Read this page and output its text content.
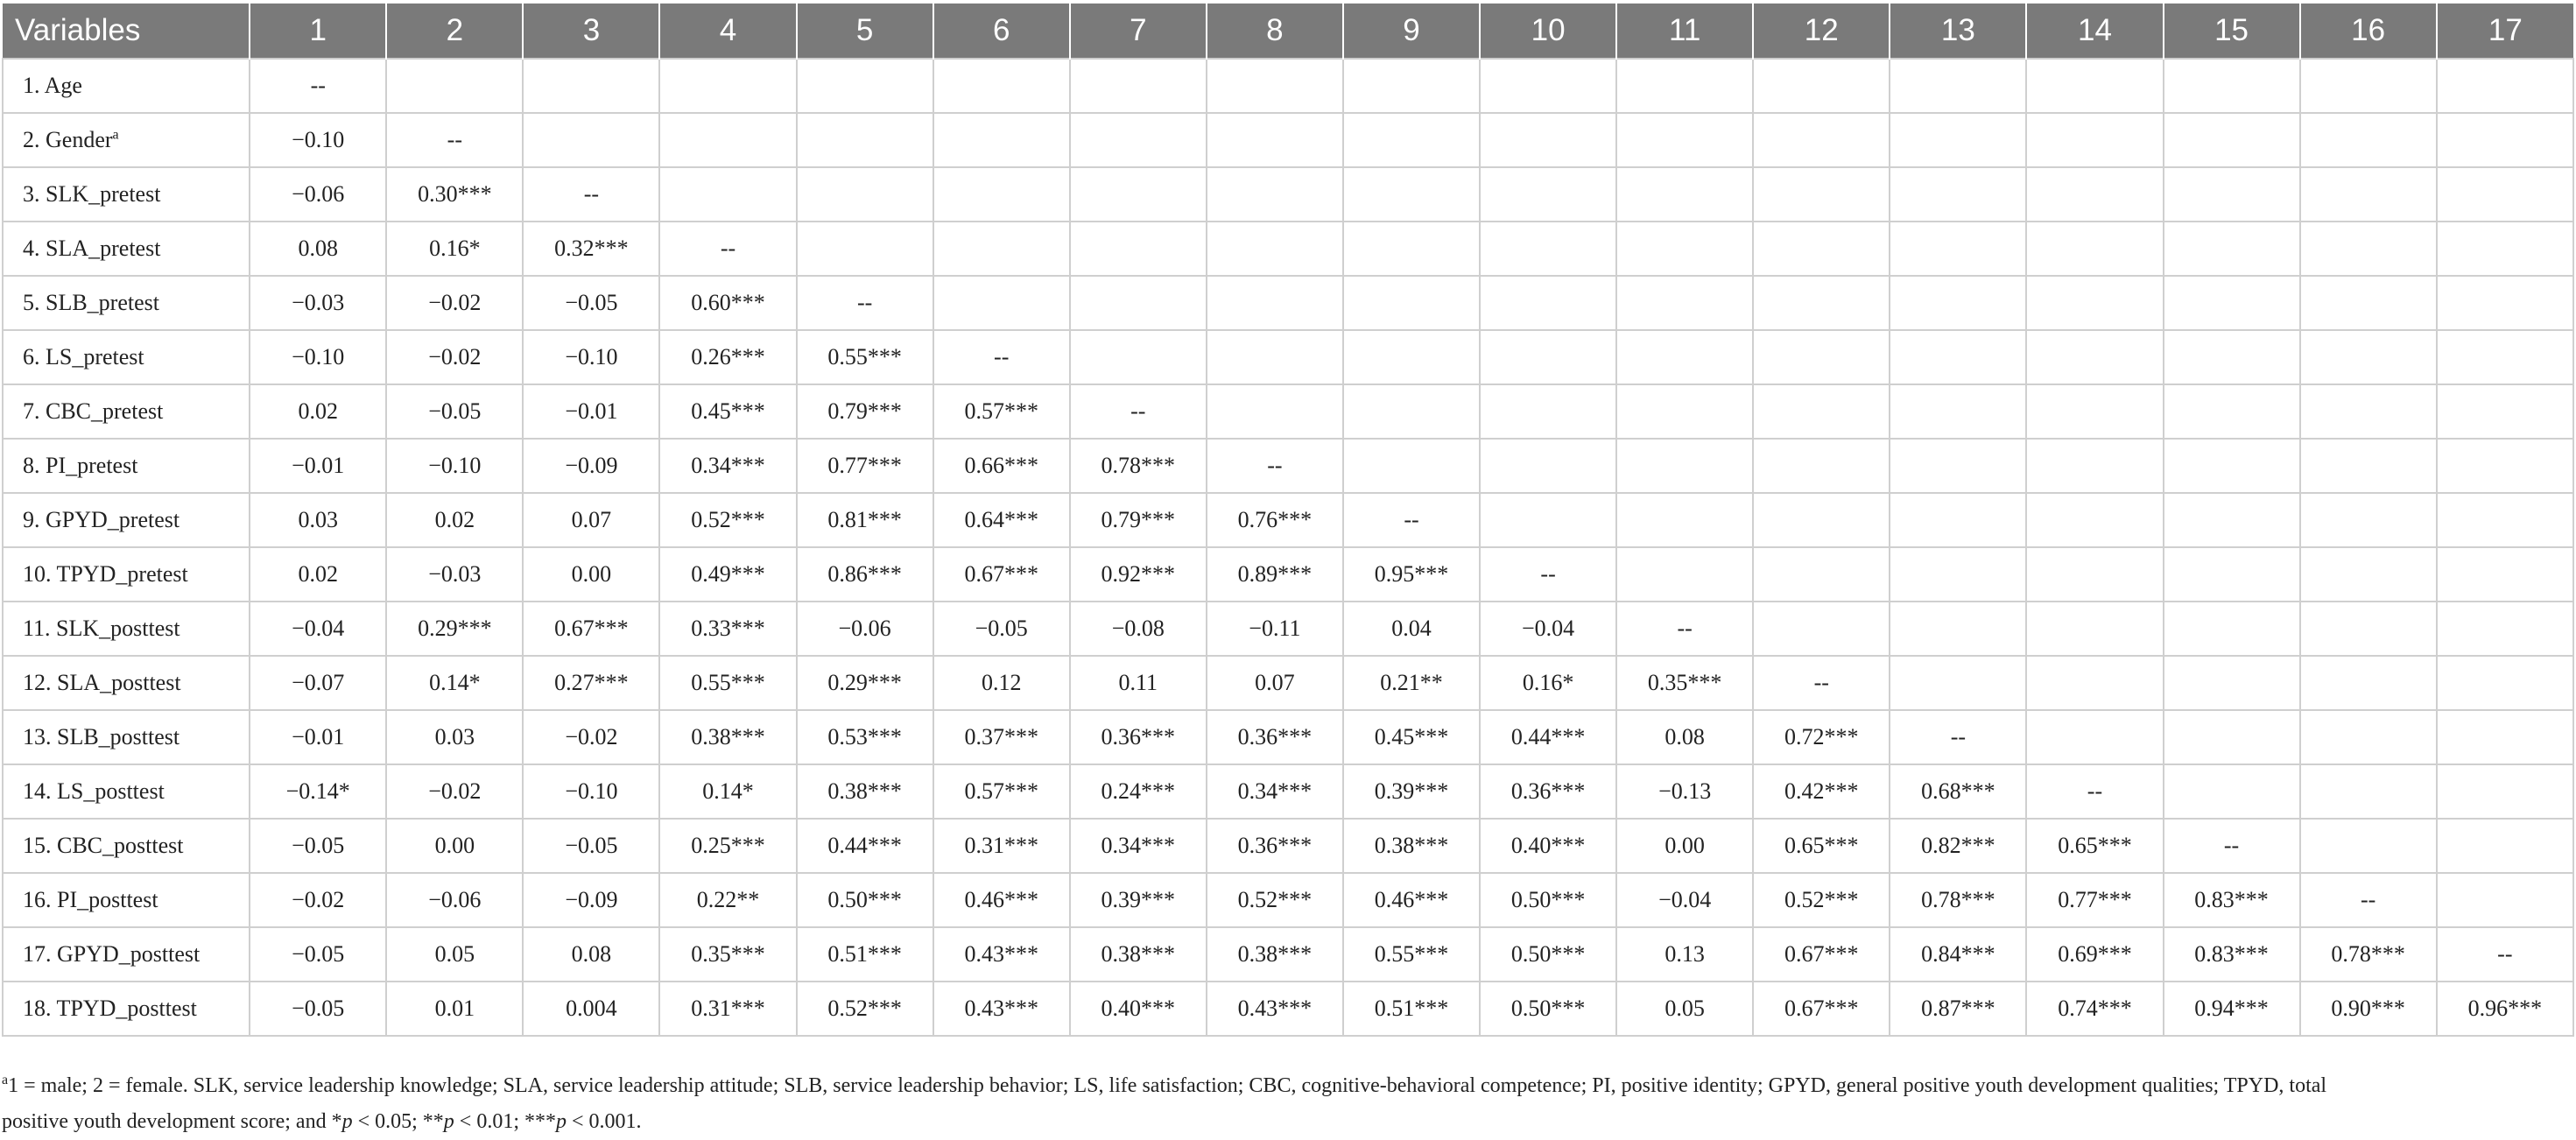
Variables	1	2	3	4	5	6	7	8	9	10	11	12	13	14	15	16	17
1. Age	--																
2. Gender$^a$	−0.10	--															
3. SLK_pretest	−0.06	0.30***	--														
4. SLA_pretest	0.08	0.16*	0.32***	--													
5. SLB_pretest	−0.03	−0.02	−0.05	0.60***	--												
6. LS_pretest	−0.10	−0.02	−0.10	0.26***	0.55***	--											
7. CBC_pretest	0.02	−0.05	−0.01	0.45***	0.79***	0.57***	--										
8. PI_pretest	−0.01	−0.10	−0.09	0.34***	0.77***	0.66***	0.78***	--									
9. GPYD_pretest	0.03	0.02	0.07	0.52***	0.81***	0.64***	0.79***	0.76***	--								
10. TPYD_pretest	0.02	−0.03	0.00	0.49***	0.86***	0.67***	0.92***	0.89***	0.95***	--							
11. SLK_posttest	−0.04	0.29***	0.67***	0.33***	−0.06	−0.05	−0.08	−0.11	0.04	−0.04	--						
12. SLA_posttest	−0.07	0.14*	0.27***	0.55***	0.29***	0.12	0.11	0.07	0.21**	0.16*	0.35***	--					
13. SLB_posttest	−0.01	0.03	−0.02	0.38***	0.53***	0.37***	0.36***	0.36***	0.45***	0.44***	0.08	0.72***	--				
14. LS_posttest	−0.14*	−0.02	−0.10	0.14*	0.38***	0.57***	0.24***	0.34***	0.39***	0.36***	−0.13	0.42***	0.68***	--			
15. CBC_posttest	−0.05	0.00	−0.05	0.25***	0.44***	0.31***	0.34***	0.36***	0.38***	0.40***	0.00	0.65***	0.82***	0.65***	--		
16. PI_posttest	−0.02	−0.06	−0.09	0.22**	0.50***	0.46***	0.39***	0.52***	0.46***	0.50***	−0.04	0.52***	0.78***	0.77***	0.83***	--	
17. GPYD_posttest	−0.05	0.05	0.08	0.35***	0.51***	0.43***	0.38***	0.38***	0.55***	0.50***	0.13	0.67***	0.84***	0.69***	0.83***	0.78***	--
18. TPYD_posttest	−0.05	0.01	0.004	0.31***	0.52***	0.43***	0.40***	0.43***	0.51***	0.50***	0.05	0.67***	0.87***	0.74***	0.94***	0.90***	0.96***
$^a$1 = male; 2 = female. SLK, service leadership knowledge; SLA, service leadership attitude; SLB, service leadership behavior; LS, life satisfaction; CBC, cognitive-behavioral competence; PI, positive identity; GPYD, general positive youth development qualities; TPYD, total
positive youth development score; and *p < 0.05; **p < 0.01; ***p < 0.001.
